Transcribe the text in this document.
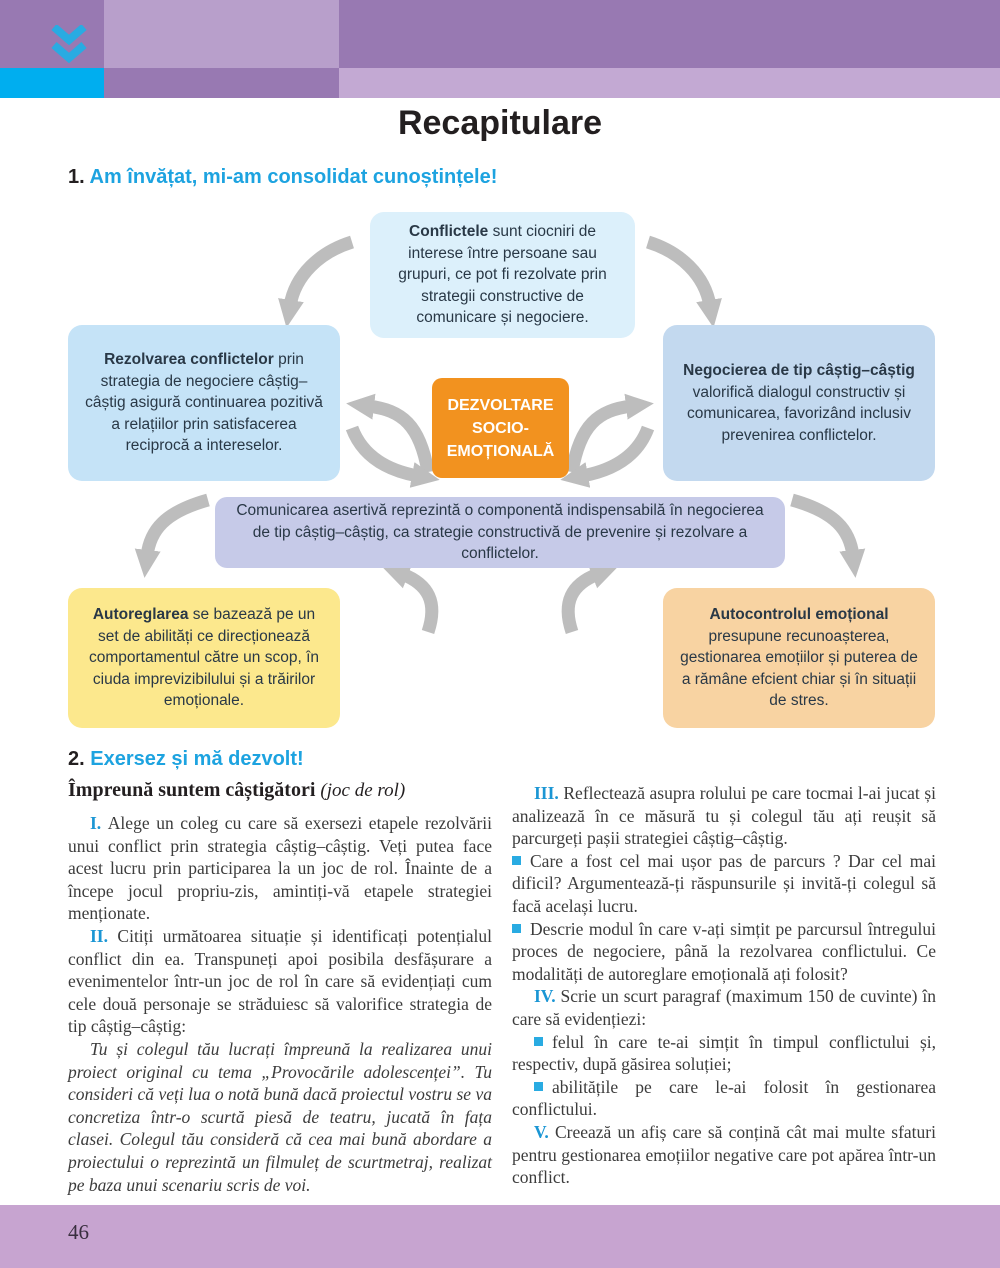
Recapitulare
1. Am învățat, mi-am consolidat cunoștințele!
Conflictele sunt ciocniri de interese între persoane sau grupuri, ce pot fi rezolvate prin strategii constructive de comunicare și negociere.
Rezolvarea conflictelor prin strategia de negociere câștig–câștig asigură continuarea pozitivă a relațiilor prin satisfacerea reciprocă a intereselor.
DEZVOLTARE
SOCIO-
EMOȚIONALĂ
Negocierea de tip câștig–câștig valorifică dialogul constructiv și comunicarea, favorizând inclusiv prevenirea conflictelor.
Comunicarea asertivă reprezintă o componentă indispensabilă în negocierea de tip câștig–câștig, ca strategie constructivă de prevenire și rezolvare a conflictelor.
Autoreglarea se bazează pe un set de abilități ce direcționează comportamentul către un scop, în ciuda imprevizibilului și a trăirilor emoționale.
Autocontrolul emoțional presupune recunoașterea, gestionarea emoțiilor și puterea de a rămâne efcient chiar și în situații de stres.
2. Exersez și mă dezvolt!
Împreună suntem câștigători (joc de rol)

I. Alege un coleg cu care să exersezi etapele rezolvării unui conflict prin strategia câștig–câștig. Veți putea face acest lucru prin participarea la un joc de rol. Înainte de a începe jocul propriu-zis, amintiți-vă etapele strategiei menționate.

II. Citiți următoarea situație și identificați potențialul conflict din ea. Transpuneți apoi posibila desfășurare a evenimentelor într-un joc de rol în care să evidențiați cum cele două personaje se străduiesc să valorifice strategia de tip câștig–câștig:

Tu și colegul tău lucrați împreună la realizarea unui proiect original cu tema „Provocările adolescenței”. Tu consideri că veți lua o notă bună dacă proiectul vostru se va concretiza într-o scurtă piesă de teatru, jucată în fața clasei. Colegul tău consideră că cea mai bună abordare a proiectului o reprezintă un filmuleț de scurtmetraj, realizat pe baza unui scenariu scris de voi.

III. Reflectează asupra rolului pe care tocmai l-ai jucat și analizează în ce măsură tu și colegul tău ați reușit să parcurgeți pașii strategiei câștig–câștig.

Care a fost cel mai ușor pas de parcurs ? Dar cel mai dificil? Argumentează-ți răspunsurile și invită-ți colegul să facă același lucru.

Descrie modul în care v-ați simțit pe parcursul întregului proces de negociere, până la rezolvarea conflictului. Ce modalități de autoreglare emoțională ați folosit?

IV. Scrie un scurt paragraf (maximum 150 de cuvinte) în care să evidențiezi:

felul în care te-ai simțit în timpul conflictului și, respectiv, după găsirea soluției;

abilitățile pe care le-ai folosit în gestionarea conflictului.

V. Creează un afiș care să conțină cât mai multe sfaturi pentru gestionarea emoțiilor negative care pot apărea într-un conflict.

46
